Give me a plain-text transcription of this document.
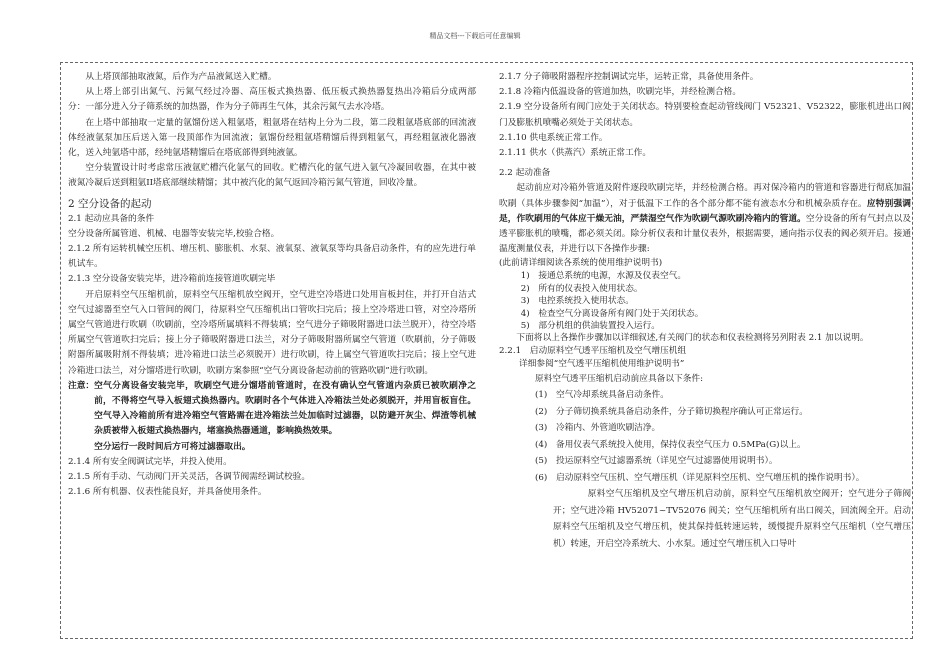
精品文档---下载后可任意编辑

从上塔顶部抽取液氮，后作为产品液氮送入贮槽。

从上塔上部引出氮气、污氮气经过冷器、高压板式换热器、低压板式换热器复热出冷箱后分成两部分：一部分进入分子筛系统的加热器，作为分子筛再生气体，其余污氮气去水冷塔。

在上塔中部抽取一定量的氩馏份送入粗氩塔，粗氩塔在结构上分为二段，第二段粗氩塔底部的回流液体经液氩泵加压后送入第一段顶部作为回流液；氩馏份经粗氩塔精馏后得到粗氩气，再经粗氩液化器液化，送入纯氩塔中部，经纯氩塔精馏后在塔底部得到纯液氩。

空分装置设计时考虑常压液氩贮槽汽化氩气的回收。贮槽汽化的氩气进入氩气冷凝回收器，在其中被液氮冷凝后送到粗氩II塔底部继续精馏；其中被汽化的氮气返回冷箱污氮气管道，回收冷量。

2 空分设备的起动

2.1 起动应具备的条件

空分设备所属管道、机械、电器等安装完毕,校验合格。

2.1.2 所有运转机械空压机、增压机、膨胀机、水泵、液氧泵、液氧泵等均具备启动条件，有的应先进行单机试车。

2.1.3 空分设备安装完毕，进冷箱前连接管道吹刷完毕

开启原料空气压缩机前，原料空气压缩机放空阀开，空气进空冷塔进口处用盲板封住，并打开自洁式空气过滤器至空气入口管间的阀门，待原料空气压缩机出口管吹扫完后；接上空冷塔进口管，对空冷塔所属空气管道进行吹刷（吹刷前，空冷塔所属填料不得装填；空气进分子筛吸附器进口法兰脱开），待空冷塔所属空气管道吹扫完后；接上分子筛吸附器进口法兰，对分子筛吸附器所属空气管道（吹刷前，分子筛吸附器所属吸附剂不得装填；进冷箱进口法兰必须脱开）进行吹刷，待上属空气管道吹扫完后；接上空气进冷箱进口法兰，对分馏塔进行吹刷，吹刷方案参照“空气分离设备起动前的管路吹刷”进行吹刷。

注意： 空气分离设备安装完毕，吹刷空气进分馏塔前管道时，在没有确认空气管道内杂质已被吹刷净之前，不得将空气导入板翅式换热器内。吹刷时各个气体进入冷箱法兰处必须脱开，并用盲板盲住。空气导入冷箱前所有进冷箱空气管路需在进冷箱法兰处加临时过滤器，以防避开灰尘、焊渣等机械杂质被带入板翅式换热器内，堵塞换热器通道，影响换热效果。

空分运行一段时间后方可将过滤器取出。

2.1.4 所有安全阀调试完毕，并投入使用。

2.1.5 所有手动、气动阀门开关灵活，各调节阀需经调试校验。

2.1.6 所有机器、仪表性能良好，并具备使用条件。

2.1.7 分子筛吸附器程序控制调试完毕，运转正常，具备使用条件。

2.1.8 冷箱内低温设备的管道加热，吹刷完毕，并经检测合格。

2.1.9 空分设备所有阀门应处于关闭状态。特别要检查起动管线阀门 V52321、V52322，膨胀机进出口阀门及膨胀机喷嘴必须处于关闭状态。

2.1.10 供电系统正常工作。

2.1.11 供水（供蒸汽）系统正常工作。

2.2 起动准备

起动前应对冷箱外管道及附件逐段吹刷完毕，并经检测合格。再对保冷箱内的管道和容器进行彻底加温吹刷（具体步骤参阅“加温”），对于低温下工作的各个部分都不能有液态水分和机械杂质存在。应特别强调是，作吹刷用的气体应干燥无油，严禁湿空气作为吹刷气源吹刷冷箱内的管道。空分设备的所有气封点以及透平膨胀机的喷嘴，都必须关闭。除分析仪表和计量仪表外，根据需要，通向指示仪表的阀必须开启。接通温度测量仪表，并进行以下各操作步骤:

(此前请详细阅读各系统的使用维护说明书)

1)　接通总系统的电源，水源及仪表空气。

2)　所有的仪表投入使用状态。

3)　电控系统投入使用状态。

4)　检查空气分离设备所有阀门处于关闭状态。

5)　部分机组的供油装置投入运行。

下面将以上各操作步骤加以详细叙述,有关阀门的状态和仪表检测将另列附表 2.1 加以说明。

2.2.1　启动原料空气透平压缩机及空气增压机组

详细参阅“空气透平压缩机使用维护说明书”

原料空气透平压缩机启动前应具备以下条件:

(1)　空气冷却系统具备启动条件。

(2)　分子筛切换系统具备启动条件，分子筛切换程序确认可正常运行。

(3)　冷箱内、外管道吹刷洁净。

(4)　备用仪表气系统投入使用，保持仪表空气压力 0.5MPa(G)以上。

(5)　投运原料空气过滤器系统（详见空气过滤器使用说明书）。

(6)　启动原料空气压机、空气增压机（详见原料空压机、空气增压机的操作说明书）。

原料空气压缩机及空气增压机启动前，原料空气压缩机放空阀开；空气进分子筛阀开；空气进冷箱 HV52071~TV52076 阀关；空气压缩机所有出口阀关，回流阀全开。启动原料空气压缩机及空气增压机，使其保持低转速运转，缓慢提升原料空气压缩机（空气增压机）转速，开启空冷系统大、小水泵。通过空气增压机入口导叶
